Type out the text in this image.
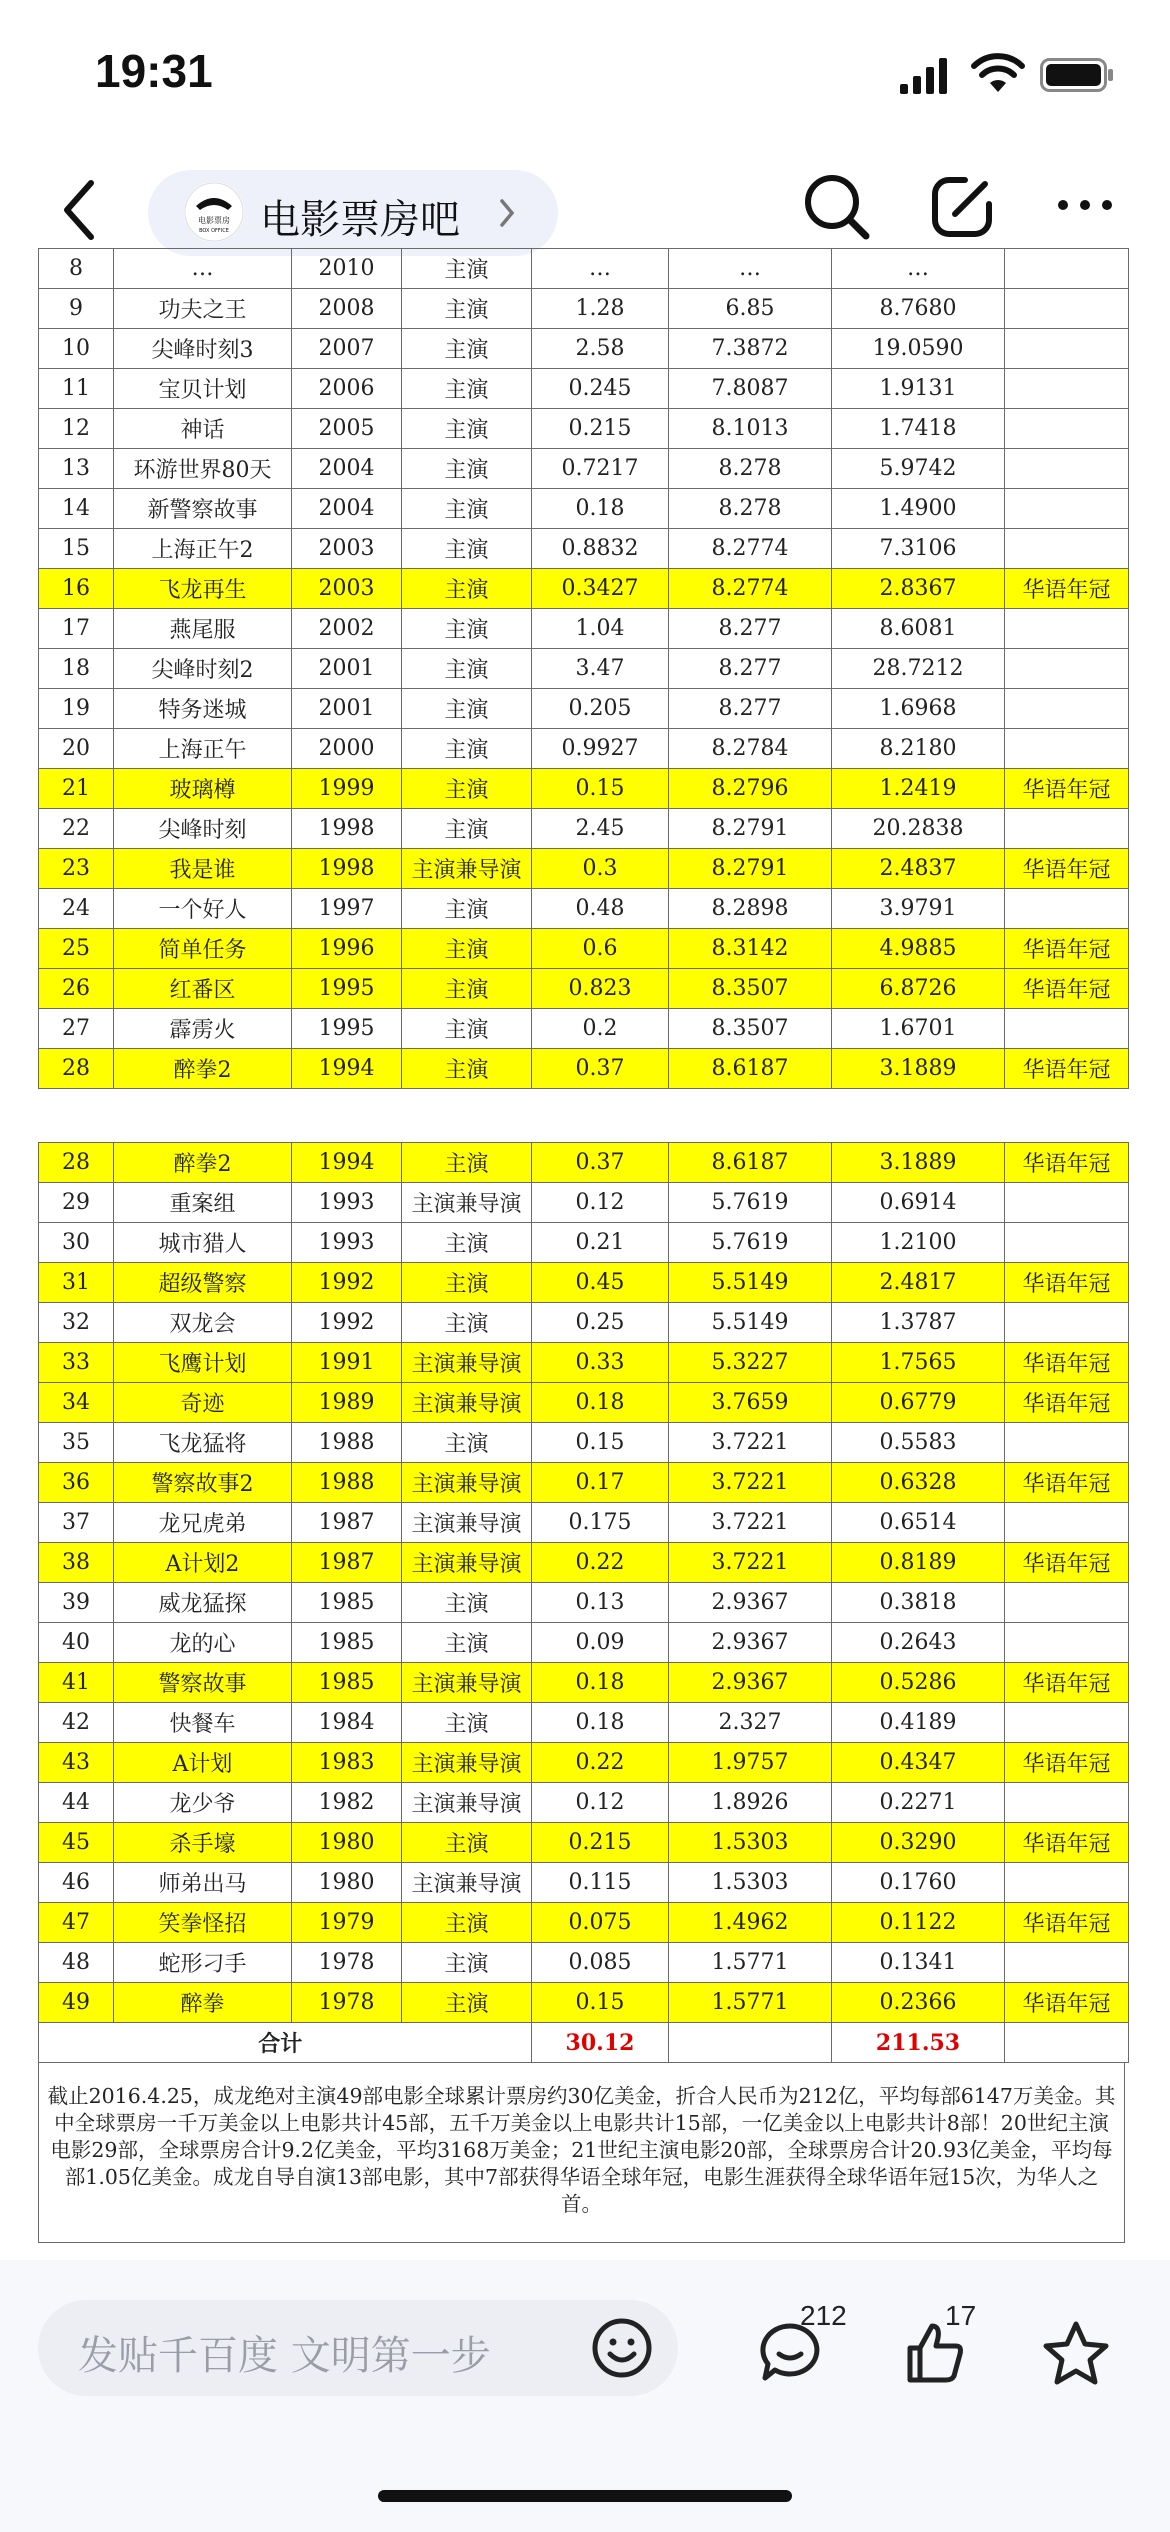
19:31
电影票房
BOX OFFICE 电影票房吧
8	…	2010	主演	…	…	…	
9	功夫之王	2008	主演	1.28	6.85	8.7680	
10	尖峰时刻3	2007	主演	2.58	7.3872	19.0590	
11	宝贝计划	2006	主演	0.245	7.8087	1.9131	
12	神话	2005	主演	0.215	8.1013	1.7418	
13	环游世界80天	2004	主演	0.7217	8.278	5.9742	
14	新警察故事	2004	主演	0.18	8.278	1.4900	
15	上海正午2	2003	主演	0.8832	8.2774	7.3106	
16	飞龙再生	2003	主演	0.3427	8.2774	2.8367	华语年冠
17	燕尾服	2002	主演	1.04	8.277	8.6081	
18	尖峰时刻2	2001	主演	3.47	8.277	28.7212	
19	特务迷城	2001	主演	0.205	8.277	1.6968	
20	上海正午	2000	主演	0.9927	8.2784	8.2180	
21	玻璃樽	1999	主演	0.15	8.2796	1.2419	华语年冠
22	尖峰时刻	1998	主演	2.45	8.2791	20.2838	
23	我是谁	1998	主演兼导演	0.3	8.2791	2.4837	华语年冠
24	一个好人	1997	主演	0.48	8.2898	3.9791	
25	简单任务	1996	主演	0.6	8.3142	4.9885	华语年冠
26	红番区	1995	主演	0.823	8.3507	6.8726	华语年冠
27	霹雳火	1995	主演	0.2	8.3507	1.6701	
28	醉拳2	1994	主演	0.37	8.6187	3.1889	华语年冠
28	醉拳2	1994	主演	0.37	8.6187	3.1889	华语年冠
29	重案组	1993	主演兼导演	0.12	5.7619	0.6914	
30	城市猎人	1993	主演	0.21	5.7619	1.2100	
31	超级警察	1992	主演	0.45	5.5149	2.4817	华语年冠
32	双龙会	1992	主演	0.25	5.5149	1.3787	
33	飞鹰计划	1991	主演兼导演	0.33	5.3227	1.7565	华语年冠
34	奇迹	1989	主演兼导演	0.18	3.7659	0.6779	华语年冠
35	飞龙猛将	1988	主演	0.15	3.7221	0.5583	
36	警察故事2	1988	主演兼导演	0.17	3.7221	0.6328	华语年冠
37	龙兄虎弟	1987	主演兼导演	0.175	3.7221	0.6514	
38	A计划2	1987	主演兼导演	0.22	3.7221	0.8189	华语年冠
39	威龙猛探	1985	主演	0.13	2.9367	0.3818	
40	龙的心	1985	主演	0.09	2.9367	0.2643	
41	警察故事	1985	主演兼导演	0.18	2.9367	0.5286	华语年冠
42	快餐车	1984	主演	0.18	2.327	0.4189	
43	A计划	1983	主演兼导演	0.22	1.9757	0.4347	华语年冠
44	龙少爷	1982	主演兼导演	0.12	1.8926	0.2271	
45	杀手壕	1980	主演	0.215	1.5303	0.3290	华语年冠
46	师弟出马	1980	主演兼导演	0.115	1.5303	0.1760	
47	笑拳怪招	1979	主演	0.075	1.4962	0.1122	华语年冠
48	蛇形刁手	1978	主演	0.085	1.5771	0.1341	
49	醉拳	1978	主演	0.15	1.5771	0.2366	华语年冠
合计				30.12		211.53	
截止2016.4.25，成龙绝对主演49部电影全球累计票房约30亿美金，折合人民币为212亿，平均每部6147万美金。其中全球票房一千万美金以上电影共计45部，五千万美金以上电影共计15部，一亿美金以上电影共计8部！20世纪主演电影29部，全球票房合计9.2亿美金，平均3168万美金；21世纪主演电影20部，全球票房合计20.93亿美金，平均每部1.05亿美金。成龙自导自演13部电影，其中7部获得华语全球年冠，电影生涯获得全球华语年冠15次，为华人之首。
发贴千百度 文明第一步
212	17
